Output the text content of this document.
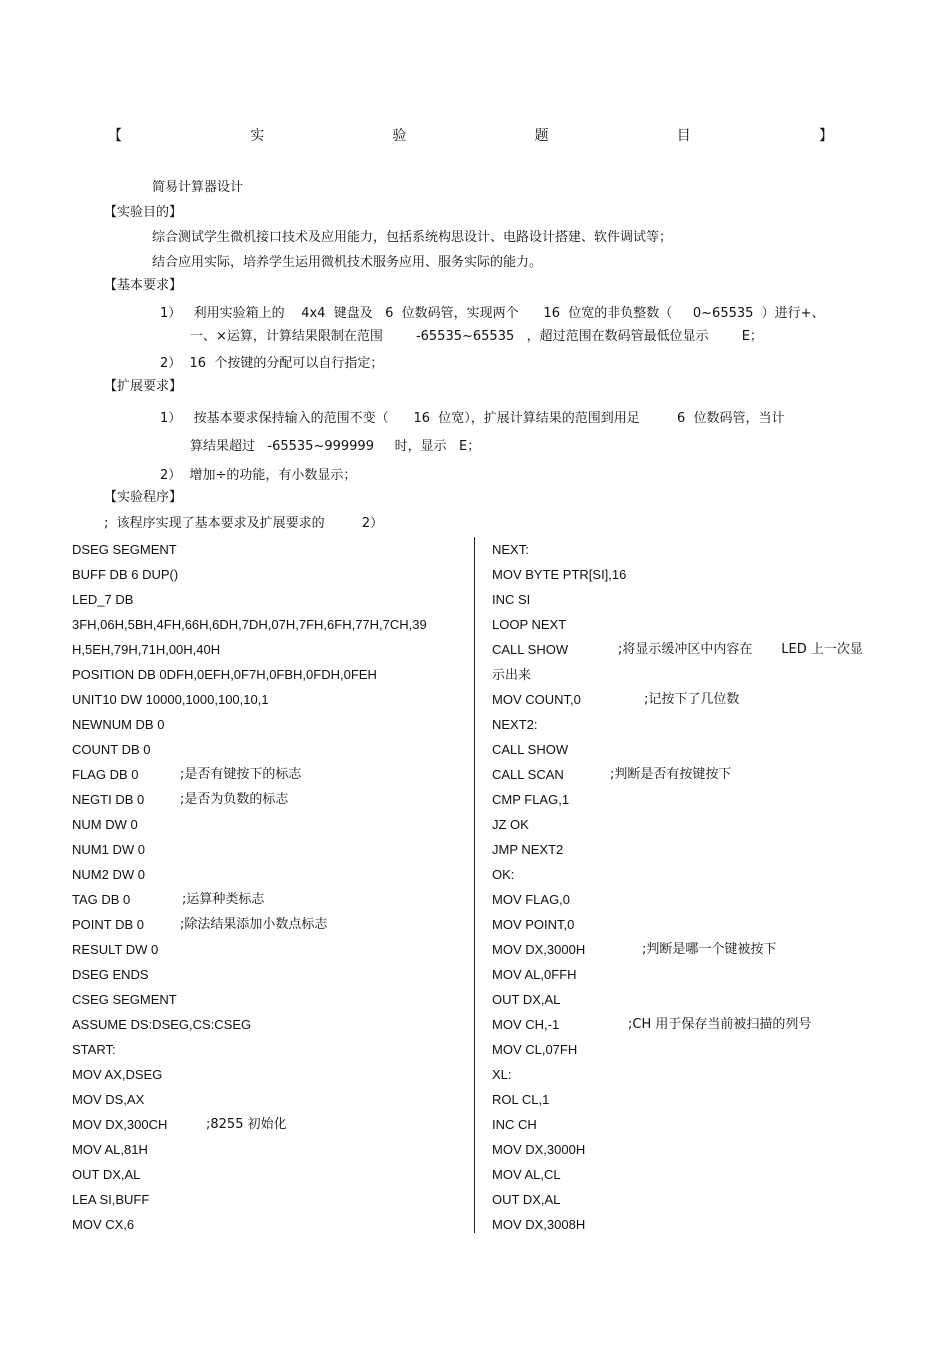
【	实	验	题	目	】
简易计算器设计
【实验目的】
综合测试学生微机接口技术及应用能力，包括系统构思设计、电路设计搭建、软件调试等；
结合应用实际，培养学生运用微机技术服务应用、服务实际的能力。
【基本要求】
1）   利用实验箱上的    4x4  键盘及   6  位数码管，实现两个      16  位宽的非负整数（     0~65535  ）进行+、
一、×运算，计算结果限制在范围        -65535~65535   ，超过范围在数码管最低位显示        E；
2）  16  个按键的分配可以自行指定；
【扩展要求】
1）   按基本要求保持输入的范围不变（      16  位宽），扩展计算结果的范围到用足         6  位数码管，当计
算结果超过   -65535~999999     时，显示   E；
2）  增加÷的功能，有小数显示；
【实验程序】
;  该程序实现了基本要求及扩展要求的         2）
DSEG SEGMENT
BUFF DB 6 DUP()
LED_7 DB
3FH,06H,5BH,4FH,66H,6DH,7DH,07H,7FH,6FH,77H,7CH,39
H,5EH,79H,71H,00H,40H
POSITION DB 0DFH,0EFH,0F7H,0FBH,0FDH,0FEH
UNIT10 DW 10000,1000,100,10,1
NEWNUM DB 0
COUNT DB 0
FLAG DB 0	;是否有键按下的标志
NEGTI DB 0	;是否为负数的标志
NUM DW 0
NUM1 DW 0
NUM2 DW 0
TAG DB 0	;运算种类标志
POINT DB 0	;除法结果添加小数点标志
RESULT DW 0
DSEG ENDS
CSEG SEGMENT
ASSUME DS:DSEG,CS:CSEG
START:
MOV AX,DSEG
MOV DS,AX
MOV DX,300CH	;8255 初始化
MOV AL,81H
OUT DX,AL
LEA SI,BUFF
MOV CX,6
NEXT:
MOV BYTE PTR[SI],16
INC SI
LOOP NEXT
CALL SHOW	;将显示缓冲区中内容在       LED 上一次显
示出来
MOV COUNT,0	;记按下了几位数
NEXT2:
CALL SHOW
CALL SCAN	;判断是否有按键按下
CMP FLAG,1
JZ OK
JMP NEXT2
OK:
MOV FLAG,0
MOV POINT,0
MOV DX,3000H	;判断是哪一个键被按下
MOV AL,0FFH
OUT DX,AL
MOV CH,-1	;CH 用于保存当前被扫描的列号
MOV CL,07FH
XL:
ROL CL,1
INC CH
MOV DX,3000H
MOV AL,CL
OUT DX,AL
MOV DX,3008H
